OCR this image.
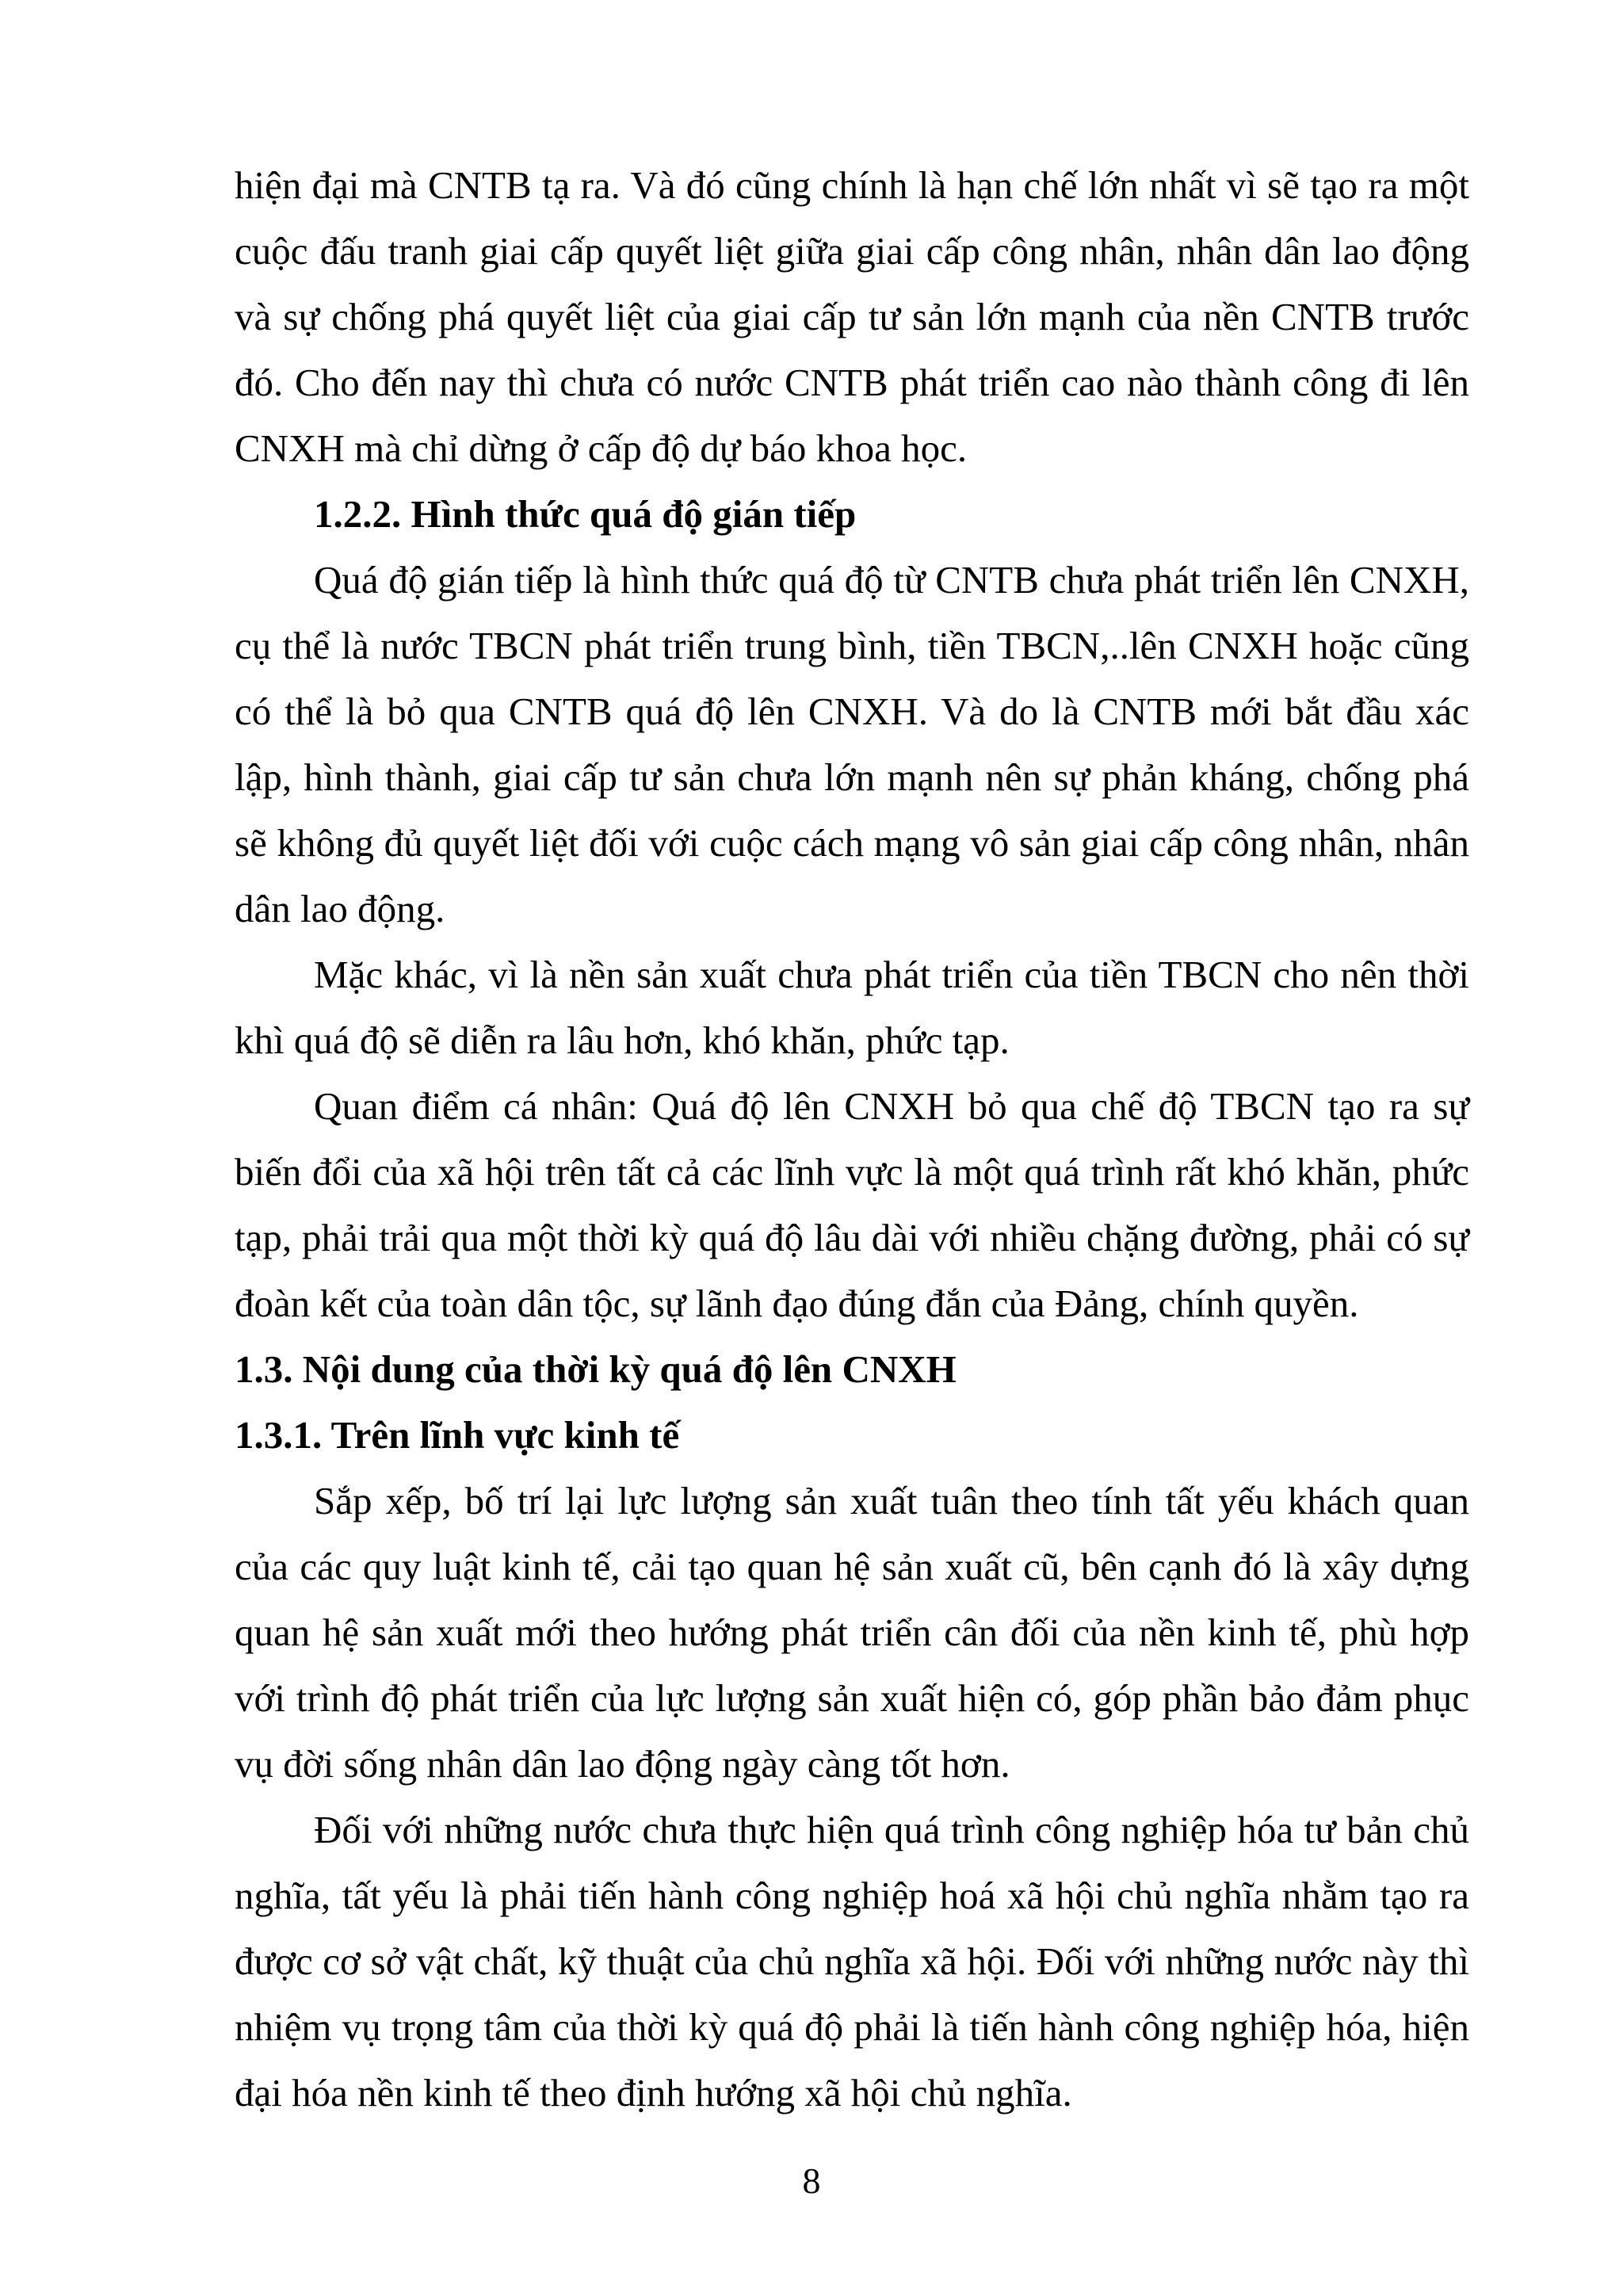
hiện đại mà CNTB tạ ra. Và đó cũng chính là hạn chế lớn nhất vì sẽ tạo ra một cuộc đấu tranh giai cấp quyết liệt giữa giai cấp công nhân, nhân dân lao động và sự chống phá quyết liệt của giai cấp tư sản lớn mạnh của nền CNTB trước đó. Cho đến nay thì chưa có nước CNTB phát triển cao nào thành công đi lên CNXH mà chỉ dừng ở cấp độ dự báo khoa học.

1.2.2. Hình thức quá độ gián tiếp

Quá độ gián tiếp là hình thức quá độ từ CNTB chưa phát triển lên CNXH, cụ thể là nước TBCN phát triển trung bình, tiền TBCN,..lên CNXH hoặc cũng có thể là bỏ qua CNTB quá độ lên CNXH. Và do là CNTB mới bắt đầu xác lập, hình thành, giai cấp tư sản chưa lớn mạnh nên sự phản kháng, chống phá sẽ không đủ quyết liệt đối với cuộc cách mạng vô sản giai cấp công nhân, nhân dân lao động.

Mặc khác, vì là nền sản xuất chưa phát triển của tiền TBCN cho nên thời khì quá độ sẽ diễn ra lâu hơn, khó khăn, phức tạp.

Quan điểm cá nhân: Quá độ lên CNXH bỏ qua chế độ TBCN tạo ra sự biến đổi của xã hội trên tất cả các lĩnh vực là một quá trình rất khó khăn, phức tạp, phải trải qua một thời kỳ quá độ lâu dài với nhiều chặng đường, phải có sự đoàn kết của toàn dân tộc, sự lãnh đạo đúng đắn của Đảng, chính quyền.

1.3. Nội dung của thời kỳ quá độ lên CNXH

1.3.1. Trên lĩnh vực kinh tế

Sắp xếp, bố trí lại lực lượng sản xuất tuân theo tính tất yếu khách quan của các quy luật kinh tế, cải tạo quan hệ sản xuất cũ, bên cạnh đó là xây dựng quan hệ sản xuất mới theo hướng phát triển cân đối của nền kinh tế, phù hợp với trình độ phát triển của lực lượng sản xuất hiện có, góp phần bảo đảm phục vụ đời sống nhân dân lao động ngày càng tốt hơn.

Đối với những nước chưa thực hiện quá trình công nghiệp hóa tư bản chủ nghĩa, tất yếu là phải tiến hành công nghiệp hoá xã hội chủ nghĩa nhằm tạo ra được cơ sở vật chất, kỹ thuật của chủ nghĩa xã hội. Đối với những nước này thì nhiệm vụ trọng tâm của thời kỳ quá độ phải là tiến hành công nghiệp hóa, hiện đại hóa nền kinh tế theo định hướng xã hội chủ nghĩa.

8
